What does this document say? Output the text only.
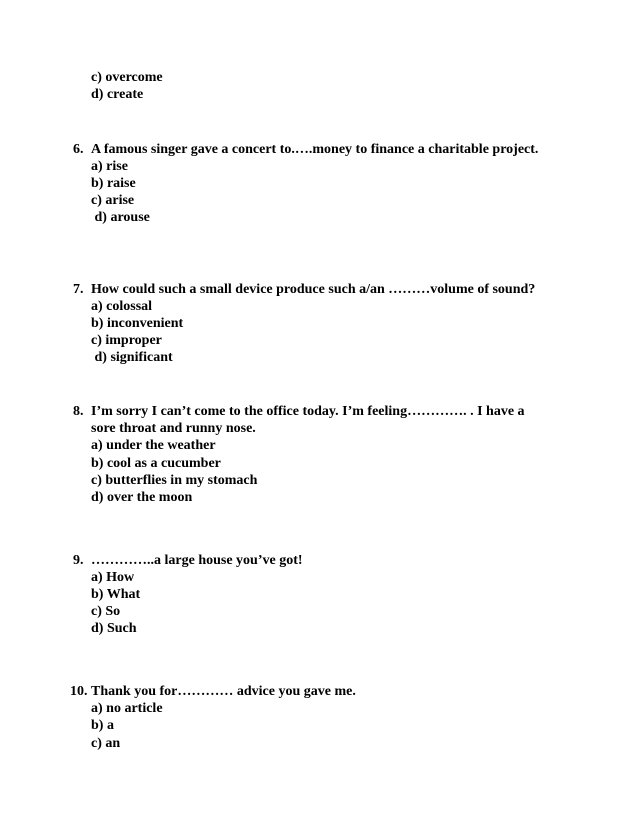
c) overcome

d) create

6. A famous singer gave a concert to.….money to finance a charitable project.

a) rise

b) raise

c) arise

d) arouse

7. How could such a small device produce such a/an ………volume of sound?

a) colossal

b) inconvenient

c) improper

d) significant

8. I’m sorry I can’t come to the office today. I’m feeling…………. . I have a

sore throat and runny nose.

a) under the weather

b) cool as a cucumber

c) butterflies in my stomach

d) over the moon

9. …………..a large house you’ve got!

a) How

b) What

c) So

d) Such

10. Thank you for………… advice you gave me.

a) no article

b) a

c) an
